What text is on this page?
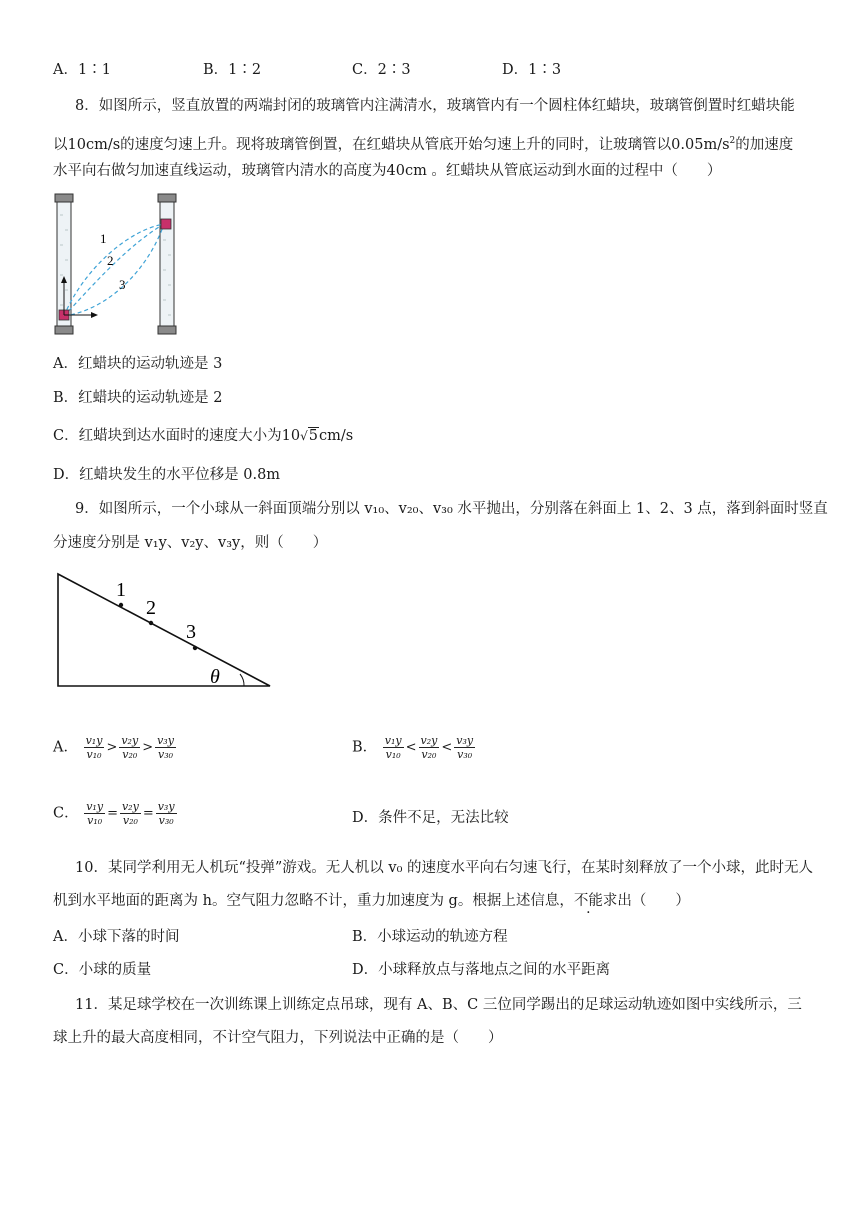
A．1∶1	B．1∶2	C．2∶3	D．1∶3
8．如图所示，竖直放置的两端封闭的玻璃管内注满清水，玻璃管内有一个圆柱体红蜡块，玻璃管倒置时红蜡块能
以10cm/s的速度匀速上升。现将玻璃管倒置，在红蜡块从管底开始匀速上升的同时，让玻璃管以$0.05m/s^2$的加速度
水平向右做匀加速直线运动，玻璃管内清水的高度为40cm 。红蜡块从管底运动到水面的过程中（　　）
1
2
3
A．红蜡块的运动轨迹是 3
B．红蜡块的运动轨迹是 2
C．红蜡块到达水面时的速度大小为10√5cm/s
D．红蜡块发生的水平位移是 0.8m
9．如图所示，一个小球从一斜面顶端分别以 v₁₀、v₂₀、v₃₀ 水平抛出，分别落在斜面上 1、2、3 点，落到斜面时竖直
分速度分别是 v₁y、v₂y、v₃y，则（　　）
1
2
3
θ
A． $\frac{\text{v₁y}}{\text{v₁₀}} > \frac{\text{v₂y}}{\text{v₂₀}} > \frac{\text{v₃y}}{\text{v₃₀}}$	B． $\frac{\text{v₁y}}{\text{v₁₀}} < \frac{\text{v₂y}}{\text{v₂₀}} < \frac{\text{v₃y}}{\text{v₃₀}}$
C． $\frac{\text{v₁y}}{\text{v₁₀}} = \frac{\text{v₂y}}{\text{v₂₀}} = \frac{\text{v₃y}}{\text{v₃₀}}$	D．条件不足，无法比较
10．某同学利用无人机玩“投弹”游戏。无人机以 v₀ 的速度水平向右匀速飞行，在某时刻释放了一个小球，此时无人
机到水平地面的距离为 h。空气阻力忽略不计，重力加速度为 g。根据上述信息，不能求出（　　）
A．小球下落的时间	B．小球运动的轨迹方程
C．小球的质量	D．小球释放点与落地点之间的水平距离
11．某足球学校在一次训练课上训练定点吊球，现有 A、B、C 三位同学踢出的足球运动轨迹如图中实线所示，三
球上升的最大高度相同，不计空气阻力，下列说法中正确的是（　　）
